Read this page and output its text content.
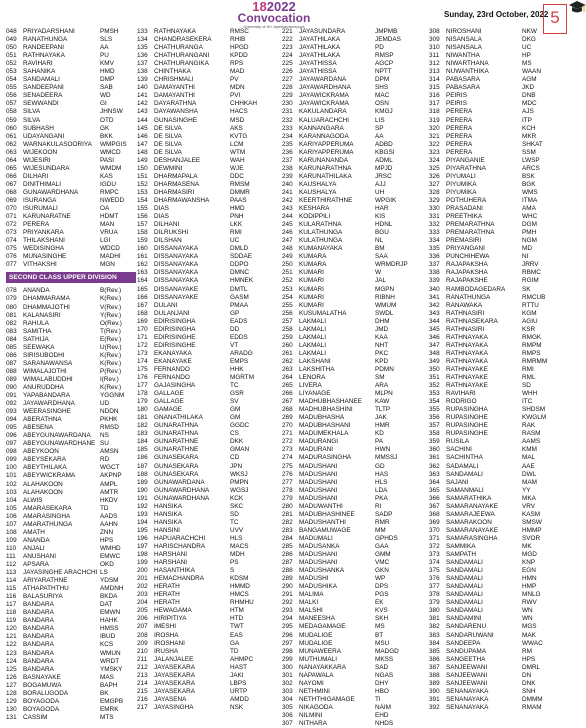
182022
Convocation
University of Sri Jayewardenepura
Sunday, 23rd October, 2022 5
048 PRIYADARSHANI	PMSH
049 RANATHUNGA	SLS
050 RANDEEPANI	AA
051 RATHNAYAKA	PU
052 RAVIHARI	KMV
053 SAHANIKA	HMD
054 SANDAMALI	DMP
055 SANDEEPANI	SAB
056 SENADEERA	WD
057 SEWWANDI	GI
058 SILVA	JHNSW
059 SILVA	OTD
060 SUBHASH	GK
061 UDAYANGANI	BKK
062 WARNAKULASOORIYA	WMPGIS
063 WIJEKOON	WMCD
064 WIJESIRI	PASI
065 WIJESUNDARA	WMDM
066 DILHARI	KAS
067 DINITHIMALI	IGDU
068 GUNAWARDHANA	RMPC
069 ISURANGA	NWEDD
070 ISURUMALI	OA
071 KARUNARATNE	HDMT
072 PERERA	MAN
073 PRIYANKARA	VRUA
074 THILAKSHANI	LGI
075 WEDISINGHA	WDCD
076 MUNASINGHE	MADHI
077 VITHAKSHI	MGN
SECOND CLASS UPPER DIVISION
078 ANANDA	B(Rev.)
079 DHAMMARAMA	K(Rev.)
080 DHAMMAJOTHI	V(Rev.)
081 KALANASIRI	Y(Rev.)
082 RAHULA	O(Rev.)
083 SAMITHA	T(Rev.)
084 SATHIJA	E(Rev.)
085 SEEWAKA	U(Rev.)
086 SIRISUBODHI	K(Rev.)
087 SARANAWANSA	K(Rev.)
088 WIMALAJOTHI	P(Rev.)
089 WIMALABUDDHI	I(Rev.)
090 ANURUDDHA	K(Rev.)
091 YAPABANDARA	YGGNM
092 JAYAWARDHANA	UD
093 WEERASINGHE	NDDN
094 ABERATHNA	PKHK
095 ABESENA	RMSD
096 ABEYGUNAWARDANA	NS
097 ABEYGUNAWARDHANE SU
098 ABEYKOON	AMSN
099 ABEYSEKARA	RD
100 ABEYTHILAKA	WGCT
101 ABEYWICKRAMA	AKPNP
102 ALAHAKOON	AMPL
103 ALAHAKOON	AMTR
104 ALWIS	HKDV
105 AMARASEKARA	TD
106 AMARASINGHA	AADS
107 AMARATHUNGA	AAHN
108 AMATH	ZNN
109 ANANDA	HPS
110	ANJALI	WMHD
111	ANUSHANI	EMWC
112	APSARA	OKD
113	JAYASINGHE ARACHCHI LS
114	ARIYARATHNE	YDSM
115	ATHAPATHTHU	AMDNH
116	BALASURIYA	BKDA
117	BANDARA	DAT
118	BANDARA	EMWN
119	BANDARA	HAHK
120 BANDARA	HMSS
121 BANDARA	IBUD
122 BANDARA	KCS
123 BANDARA	WMUN
124 BANDARA	WRDT
125 BANDARA	YMSKY
126 BASNAYAKE	MAS
127 BOGAMUWA	BAPH
128 BORALUGODA	BK
129 BOYAGODA	EMGPB
130 BOYAGODA	EMRK
131 CASSIM	MTS
133 RATHNAYAKA	RMSC
134 CHANDRASEKERA	RHIB
135 CHATHURANGA	HPGD
136 CHATHURANGANI	KPDD
137 CHATHURANGIKA	RPS
138 CHINTHAKA	MAD
139 CHRISHMALI	PV
140 DAMAYANTHI	MDN
141 DAMAYANTHI	PVI
142 DAYARATHNA	CHHKAH
143 DAYAWANSHA	HACS
144 GUNASINGHE	MSD
145 DE SILVA	AKS
146 DE SILVA	KVTG
147 DE SILVA	LCM
148 DE SILVA	WTM
149 DESHANJALEE	WAH
150 DEWMINI	WJE
151 DHARMAPALA	DDC
152 DHARMASENA	RMSM
153 DHARMASIRI	DMMR
154 DHARMAWANSHA	PAAS
155 DIAS	HMD
156 DIAS	PNH
157 DILHANI	LKK
158 DILRUKSHI	RMI
159 DILSHAN	UC
160 DISSANAYAKA	DMLD
161 DISSANAYAKA	SDDAE
162 DISSANAYAKA	DDPO
163 DISSANAYAKA	DMNC
164 DISSANAYAKA	HMNEK
165 DISSANAYAKE	DMTL
166 DISSANAYAKE	GASM
167 DULANI	PMAA
168 DULANJANI	GP
169 EDIRISINGHA	EADS
170 EDIRISINGHA	DD
171 EDIRISINGHE	EDDS
172 EDIRISINGHE	VT
173 EKANAYAKA	ARADG
174 EKANAYAKE	EMPS
175 FERNANDO	HHK
176 FERNANDO	MGRTM
177 GAJASINGHA	TC
178 GALLAGE	GSR
179 GALLAGE	SV
180 GAMAGE	GM
181 GNANATHILAKA	GM
182 GUNARATHNA	GGDC
183 GUNARATHNA	CS
184 GUNARATHNE	DKK
185 GUNARATHNE	GMAN
186 GUNASEKARA	CD
187 GUNASEKARA	JPN
188 GUNASEKARA	WKSJ
189 GUNAWARDANA	PMPN
190 GUNAWARDHANA	WGSJ
191 GUNAWARDHANA	KCK
192 HANSIKA	SKC
193 HANSIKA	SD
194 HANSIKA	TC
195 HANSINI	UVV
196 HAPUARACHCHI	HLS
197 HARISCHANDRA	MACS
198 HARSHANI	MDH
199 HARSHANI	PS
200 HASANTHIKA	S
201 HEMACHANDRA	KDSM
202 HERATH	HMMD
203 HERATH	HMCS
204 HERATH	RHMHU
205 HEWAGAMA	HTM
206 HIRIPITIYA	HTD
207 IMESHI	TWT
208 IROSHA	EAS
209 IROSHANI	GA
210 IRUSHA	TD
211	JALANJALEE	AHMPC
212 JAYASEKARA	HAST
213 JAYASEKARA	JAKI
214 JAYASEKARA	LBPS
215 JAYASEKARA	URTP
216 JAYASENA	AMDD
217 JAYASINGHA	NSK
221 JAYASUNDARA	JMPMB
222 JAYATHILAKA	JEMDAS
223 JAYATHILAKA	PD
224 JAYATHILAKA	RMSP
225 JAYATHISSA	AGCP
226 JAYATHISSA	NPTT
227 JAYAWARDANA	DPM
228 JAYAWARDHANA	SHS
229 JAYAWICKRAMA	MAC
230 JAYAWICKRAMA	OSN
231 KAKULANDARA	KMGJ
232 KALUARACHCHI	LIS
233 KANNANGARA	SP
234 KARANNAGODA	AA
235 KARIYAPPERUMA	ADBD
236 KARIYAPPERUMA	KBGSI
237 KARUNANANDA	ADML
238 KARUNARATHNA	MPJD
239 KARUNATHILAKA	JRSC
240 KAUSHALYA	AJJ
241 KAUSHALYA	UH
242 KEERTHIRATHNE	WPGIK
243 KESHARA	HAR
244 KODIPPILI	KIS
245 KULARATHNA	HDNL
246 KULATHUNGA	BGU
247 KULATHUNGA	NL
248 KUMANAYAKA	BM
249 KUMARA	SAA
250 KUMARA	WRMDRJP
251 KUMARI	W
252 KUMARI	JAL
253 KUMARI	MGPN
254 KUMARI	RIBNH
255 KUMARI	WMUM
256 KUSUMALATHA	SWDL
257 LAKMALI	DHM
258 LAKMALI	JMD
259 LAKMALI	KAA
260 LAKMALI	NHT
261 LAKMALI	PKC
262 LAKSHANI	KPD
263 LAKSHITHA	PDMN
264 LENORA	SM
265 LIVERA	ARA
266 LIYANAGE	MLPN
267 MADHUBHASHANEE	KAW
268 MADHUBHASHINI	TLTP
269 MADUBHASHA	JAK
270 MADUBHASHANI	HMR
271 MADUMEKHALA	KD
272 MADURANGI	PA
273 MADURANI	HWN
274 MADURASINGHA	MMSSJ
275 MADUSHANI	GD
276 MADUSHANI	HAS
277 MADUSHANI	HLS
278 MADUSHANI	LDA
279 MADUSHANI	PKA
280 MADUWANTHI	RI
281 MADUBHASHINEE	SADP
282 MADUSHANTHI	RMR
283 BANGAMUWAGE	MM
284 MADUMALI	GPHDS
285 MADUSANKA	GAA
286 MADUSHANI	GMM
287 MADUSHANI	VMC
288 MADUSHANKA	GKN
289 MADUSHI	WP
290 MADUSHIKA	DPS
291 MALIMA	PGS
292 MALKI	EK
293 MALSHI	KVS
294 MANEESHA	SKH
295 MEDAGAMAGE	MS
296 MUDALIGE	BT
297 MUDALIGE	MSU
298 MUNAWEERA	MADGD
299 MUTHUMALI	MKSS
300 NANAYAKKARA	SAD
301 NAPAWALA	NGAS
302 NAYOMI	DHY
303 NETHMINI	HBO
304 NETHTHIGAMAGE	TI
305 NIKAGODA	NAIM
306 NILMINI	EHD
307 NITHARA	NHDS
308 NIROSHANI	NKW
309 NISANSALA	DKG
310 NISANSALA	UC
311	NIWANTHA	HP
312 NIWARTHANA	MS
313 NUWANTHIKA	WAAN
314 PABASARA	AGM
315 PABASARA	JKD
316 PEIRIS	DNB
317 PEIRIS	MDC
318 PERERA	AJS
319 PERERA	ITP
320 PERERA	KCH
321 PERERA	MKR
322 PERERA	SHKAT
323 PERERA	SSM
324 PIYANGANIE	LWSP
325 PIYARATHNA	ARCS
326 PIYUMALI	BSK
327 PIYUMIKA	BGK
328 PIYUMIKA	WMS
329 POTHUHERA	ITMA
330 PRASADANI	AMA
331 PREETHIKA	WHC
332 PREMARATHNA	DGM
333 PREMARATHNA	PMH
334 PREMASIRI	NGM
335 PRIYANGANI	MD
336 PUNCHIHEWA	NI
337 RAJAPAKSHA	JRRV
338 RAJAPAKSHA	RBMC
339 RAJAPAKSHE	RGIM
340 RAMBODAGEDARA	SK
341 RANATHUNGA	RMCUB
342 RANAWAKA	RTTU
343 RATHNASIRI	KGM
344 RATHNASEKARA	AGIU
345 RATHNASIRI	KSR
346 RATHNAYAKA	RMGK
347 RATHNAYAKA	RMPM
348 RATHNAYAKA	RMPS
349 RATHNAYAKA	RMRMM
350 RATHNAYAKE	RMI
351 RATHNAYAKE	RML
352 RATHNAYAKE	SD
353 RAVIHARI	WHH
354 RODRIGO	ITC
355 RUPASINGHA	SHDSM
356 RUPASINGHE	KWGLM
357 RUPASINGHE	RAK
358 RUPASINGHE	RASM
359 RUSILA	AAMS
360 SACHINI	KMM
361 SACHINTHA	MAL
362 SADAMALI	AAE
363 SANDAMALI	DWL
364 SAJANI	MAM
365 SAMANMALI	YY
366 SAMARATHIKA	MKA
367 SAMARANAYAKE	VRV
368 SAMARAJEEWA	KASM
369 SAMARAKOON	SMSW
370 SAMARANAYAKE	HMMP
371 SAMARASINGHA	SVOR
372 SAMMIKA	MK
373 SAMPATH	MGD
374 SANDAMALI	KNP
375 SANDAMALI	EGN
376 SANDAMALI	HMN
377 SANDAMALI	HMP
378 SANDAMALI	MNLG
379 SANDAMALI	RWV
380 SANDAMALI	WN
381 SANDAMINI	WN
382 SANDARENU	MGS
383 SANDARUWANI	MAK
384 SANDEEPA	WWAC
385 SANDUPAMA	RM
386 SANGEETHA	HPS
387 SANJEEWANI	DMRL
388 SANJEEWANI	DN
389 SANJEEWANI	DNK
390 SENANAYAKA	SNH
391 SENANAYAKA	DMMM
392 SENANAYAKA	RMAM
